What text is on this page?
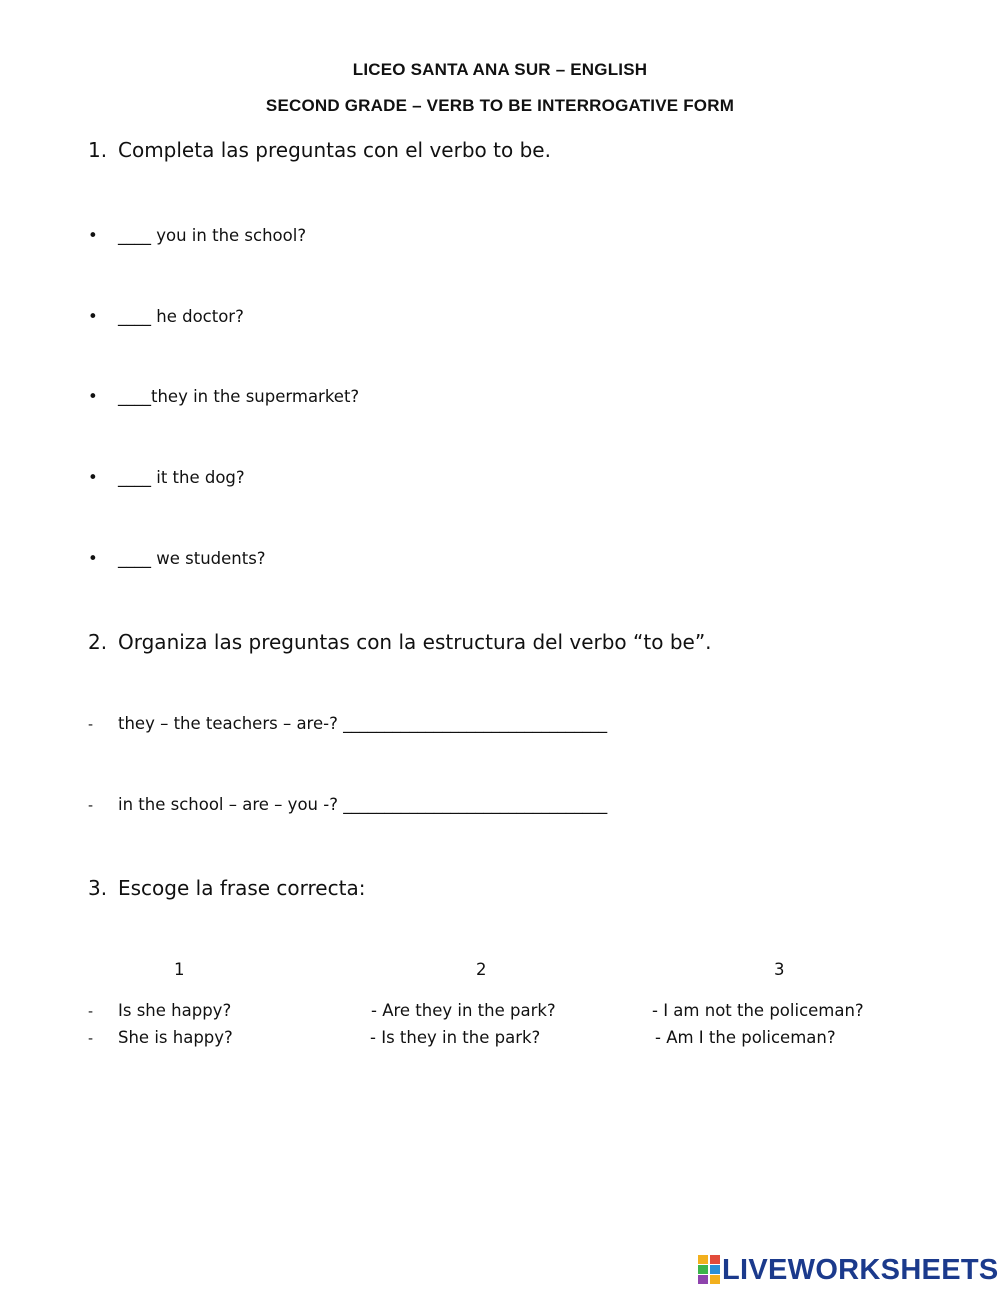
LICEO SANTA ANA SUR – ENGLISH
SECOND GRADE – VERB TO BE INTERROGATIVE FORM
1. Completa las preguntas con el verbo to be.
• ____ you in the school?
• ____ he doctor?
• ____they in the supermarket?
• ____ it the dog?
• ____ we students?
2. Organiza las preguntas con la estructura del verbo “to be”.
- they – the teachers – are-? ________________________________
- in the school – are – you -? ________________________________
3. Escoge la frase correcta:
1	2	3
- Is she happy?
- She is happy?
- Are they in the park?
- Is they in the park?
- I am not the policeman?
- Am I the policeman?
LIVEWORKSHEETS
